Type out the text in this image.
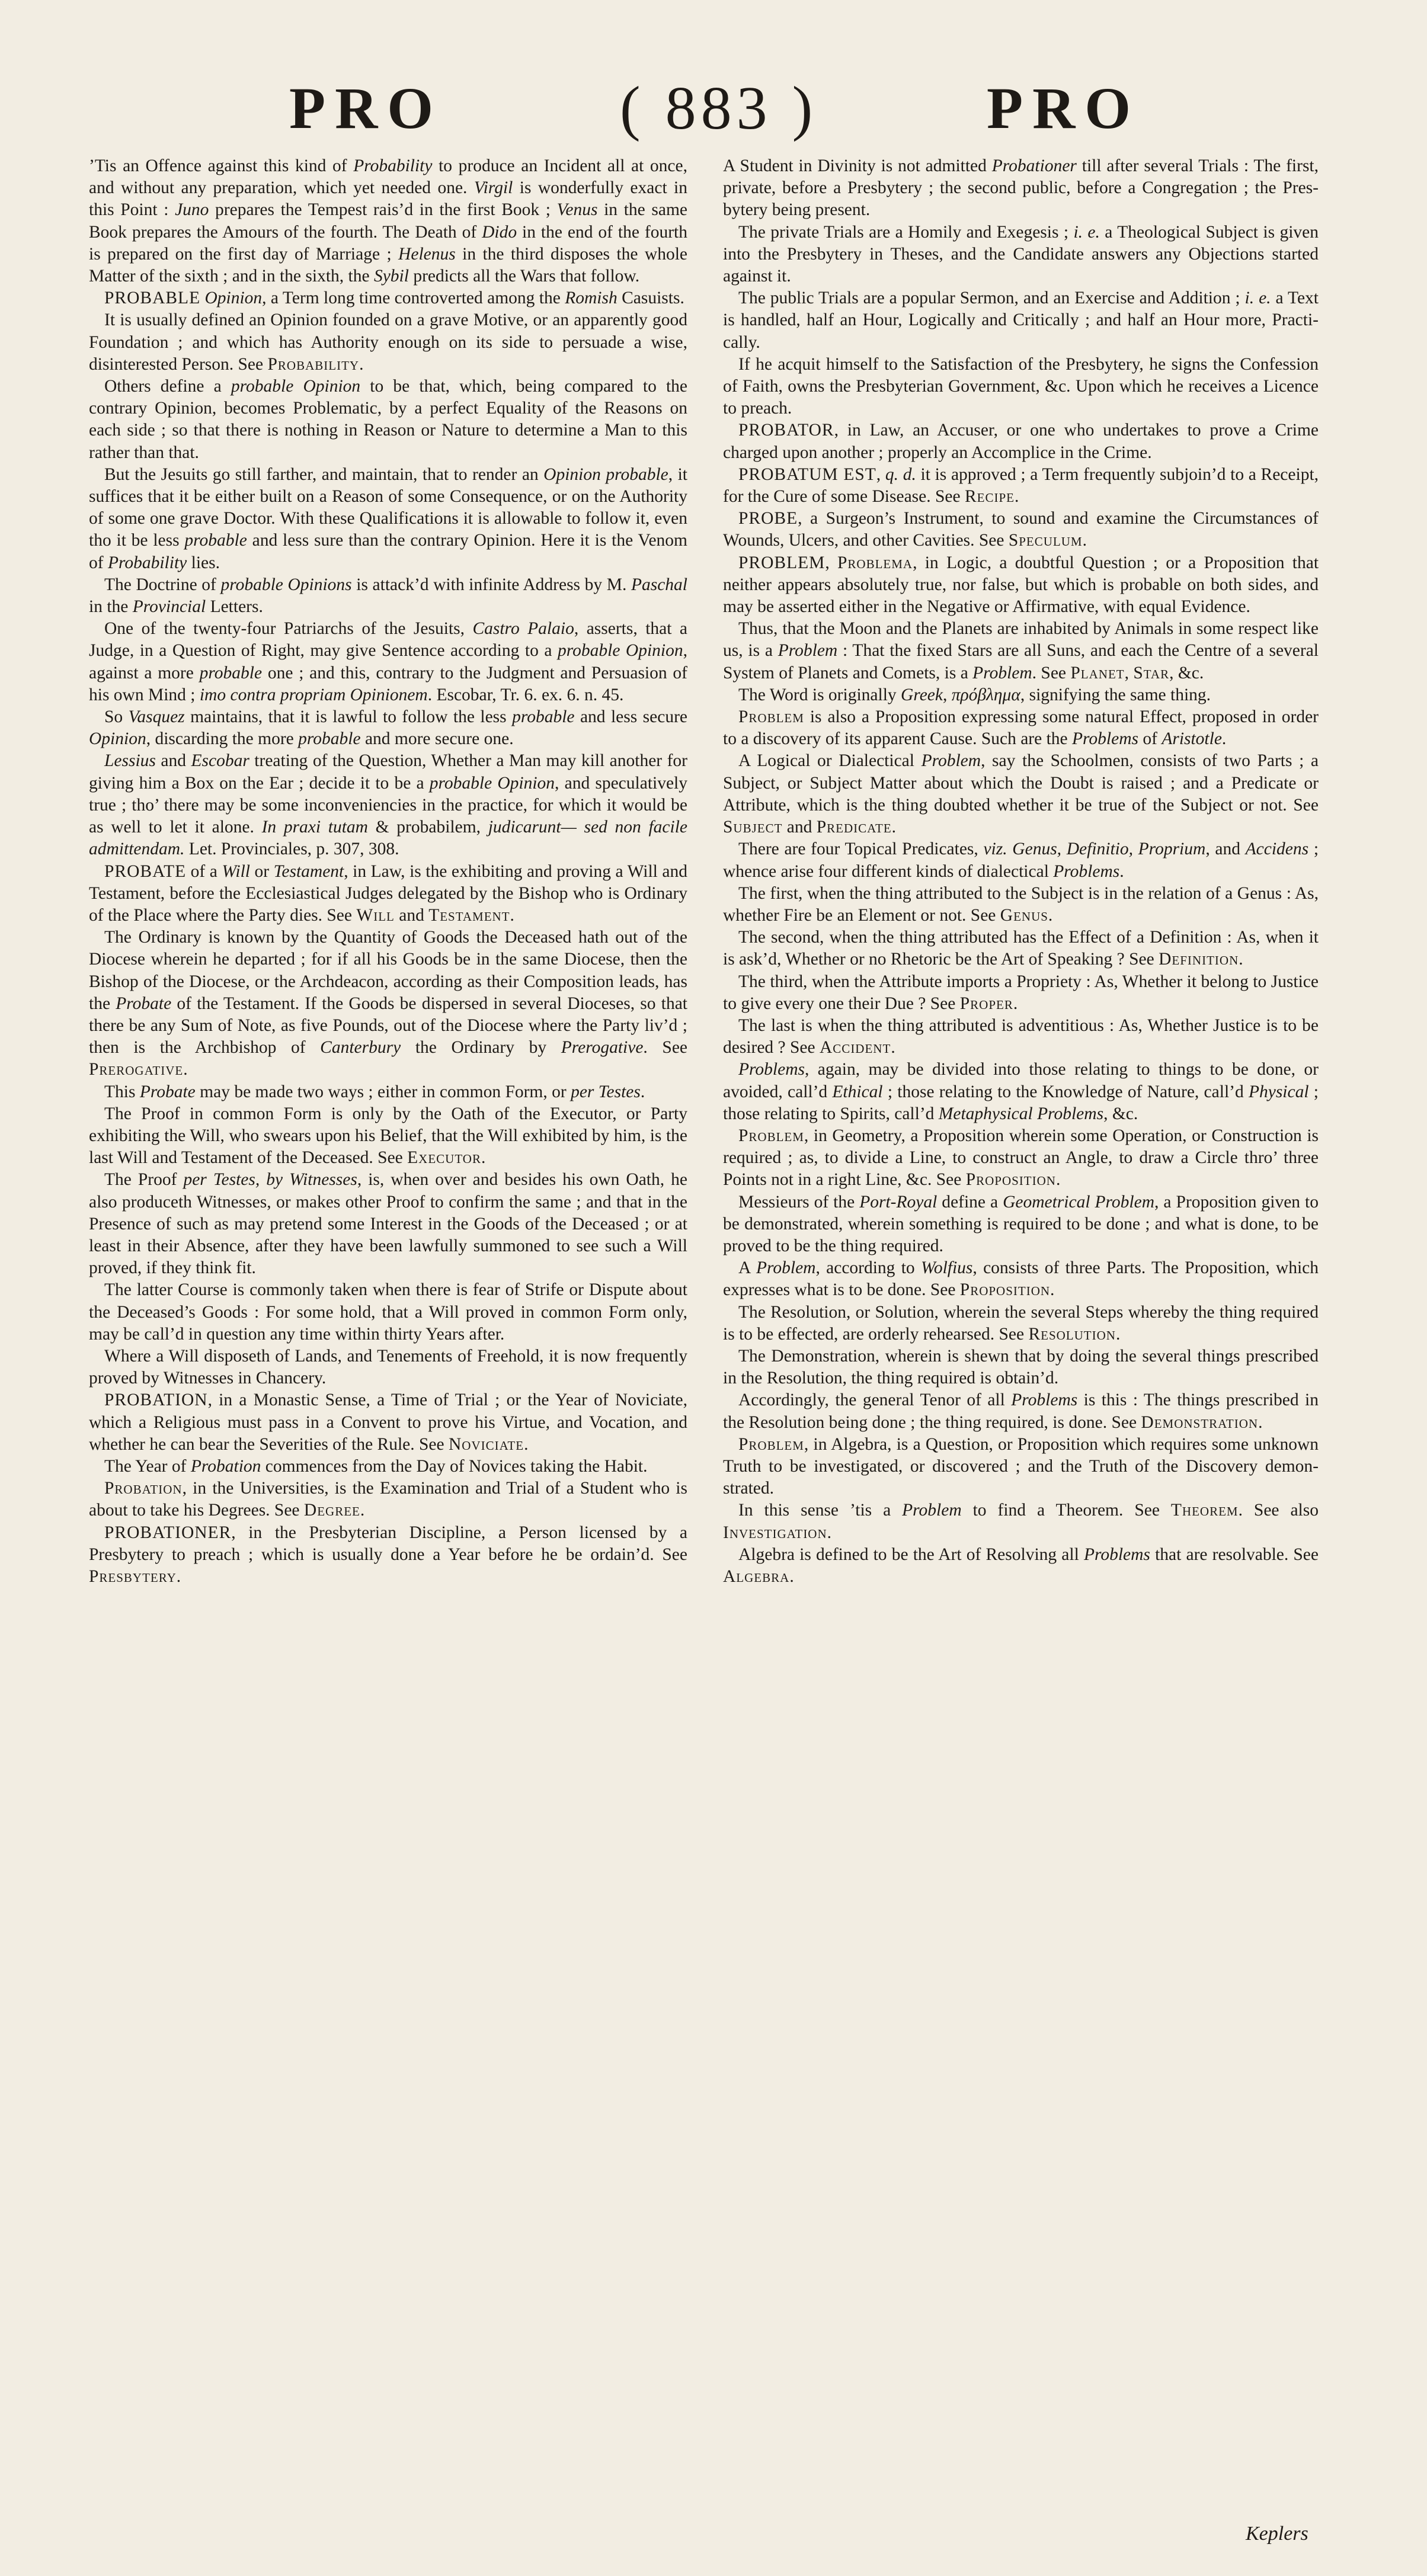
PRO	( 883 )	PRO

’Tis an Offence against this kind of Probability to produce an Incident all at once, and without any preparation, which yet needed one. Virgil is wonderfully exact in this Point : Juno prepares the Tempest rais’d in the first Book ; Venus in the same Book prepares the Amours of the fourth. The Death of Dido in the end of the fourth is prepared on the first day of Marriage ; Helenus in the third disposes the whole Matter of the sixth ; and in the sixth, the Sybil predicts all the Wars that follow.

PROBABLE Opinion, a Term long time controverted among the Romish Casuists.

It is usually defined an Opinion founded on a grave Motive, or an apparently good Foundation ; and which has Authority enough on its side to persuade a wise, disinterested Person. See Probability.

Others define a probable Opinion to be that, which, being compared to the contrary Opinion, becomes Problematic, by a perfect Equality of the Reasons on each side ; so that there is nothing in Reason or Nature to determine a Man to this rather than that.

But the Jesuits go still farther, and maintain, that to render an Opinion probable, it suffices that it be either built on a Reason of some Consequence, or on the Authority of some one grave Doctor. With these Qualifications it is allowable to follow it, even tho it be less probable and less sure than the contrary Opinion. Here it is the Venom of Probability lies.

The Doctrine of probable Opinions is attack’d with infinite Address by M. Paschal in the Provincial Letters.

One of the twenty-four Patriarchs of the Jesuits, Castro Palaio, asserts, that a Judge, in a Question of Right, may give Sentence according to a probable Opinion, against a more probable one ; and this, contrary to the Judgment and Persuasion of his own Mind ; imo contra propriam Opinionem. Escobar, Tr. 6. ex. 6. n. 45.

So Vasquez maintains, that it is lawful to follow the less probable and less secure Opinion, discarding the more probable and more secure one.

Lessius and Escobar treating of the Question, Whether a Man may kill another for giving him a Box on the Ear ; decide it to be a probable Opinion, and speculatively true ; tho’ there may be some inconveniencies in the practice, for which it would be as well to let it alone. In praxi tutam & probabilem, judicarunt— sed non facile admittendam. Let. Provinciales, p. 307, 308.

PROBATE of a Will or Testament, in Law, is the exhibiting and proving a Will and Testament, before the Ecclesiastical Judges delegated by the Bishop who is Ordinary of the Place where the Party dies. See Will and Testament.

The Ordinary is known by the Quantity of Goods the Deceased hath out of the Diocese wherein he departed ; for if all his Goods be in the same Diocese, then the Bishop of the Diocese, or the Archdeacon, according as their Composition leads, has the Probate of the Testament. If the Goods be dispersed in several Dioceses, so that there be any Sum of Note, as five Pounds, out of the Diocese where the Party liv’d ; then is the Archbishop of Canterbury the Ordinary by Prerogative. See Prerogative.

This Probate may be made two ways ; either in common Form, or per Testes.

The Proof in common Form is only by the Oath of the Executor, or Party exhibiting the Will, who swears upon his Belief, that the Will exhibited by him, is the last Will and Testament of the Deceased. See Executor.

The Proof per Testes, by Witnesses, is, when over and besides his own Oath, he also produceth Witnesses, or makes other Proof to confirm the same ; and that in the Presence of such as may pretend some Interest in the Goods of the Deceased ; or at least in their Absence, after they have been lawfully summoned to see such a Will proved, if they think fit.

The latter Course is commonly taken when there is fear of Strife or Dispute about the Deceased’s Goods : For some hold, that a Will proved in common Form only, may be call’d in question any time within thirty Years after.

Where a Will disposeth of Lands, and Tenements of Freehold, it is now frequently proved by Witnesses in Chancery.

PROBATION, in a Monastic Sense, a Time of Trial ; or the Year of Noviciate, which a Religious must pass in a Convent to prove his Virtue, and Vocation, and whether he can bear the Severities of the Rule. See Noviciate.

The Year of Probation commences from the Day of Novices taking the Habit.

Probation, in the Universities, is the Examination and Trial of a Student who is about to take his Degrees. See Degree.

PROBATIONER, in the Presbyterian Discipline, a Person licensed by a Presbytery to preach ; which is usually done a Year before he be ordain’d. See Presbytery.

A Student in Divinity is not admitted Probationer till after several Trials : The first, private, before a Presbytery ; the second public, before a Congregation ; the Presbytery being present.

The private Trials are a Homily and Exegesis ; i. e. a Theological Subject is given into the Presbytery in Theses, and the Candidate answers any Objections started against it.

The public Trials are a popular Sermon, and an Exercise and Addition ; i. e. a Text is handled, half an Hour, Logically and Critically ; and half an Hour more, Practically.

If he acquit himself to the Satisfaction of the Presbytery, he signs the Confession of Faith, owns the Presbyterian Government, &c. Upon which he receives a Licence to preach.

PROBATOR, in Law, an Accuser, or one who undertakes to prove a Crime charged upon another ; properly an Accomplice in the Crime.

PROBATUM EST, q. d. it is approved ; a Term frequently subjoin’d to a Receipt, for the Cure of some Disease. See Recipe.

PROBE, a Surgeon’s Instrument, to sound and examine the Circumstances of Wounds, Ulcers, and other Cavities. See Speculum.

PROBLEM, Problema, in Logic, a doubtful Question ; or a Proposition that neither appears absolutely true, nor false, but which is probable on both sides, and may be asserted either in the Negative or Affirmative, with equal Evidence.

Thus, that the Moon and the Planets are inhabited by Animals in some respect like us, is a Problem : That the fixed Stars are all Suns, and each the Centre of a several System of Planets and Comets, is a Problem. See Planet, Star, &c.

The Word is originally Greek, πρόβλημα, signifying the same thing.

Problem is also a Proposition expressing some natural Effect, proposed in order to a discovery of its apparent Cause. Such are the Problems of Aristotle.

A Logical or Dialectical Problem, say the Schoolmen, consists of two Parts ; a Subject, or Subject Matter about which the Doubt is raised ; and a Predicate or Attribute, which is the thing doubted whether it be true of the Subject or not. See Subject and Predicate.

There are four Topical Predicates, viz. Genus, Definitio, Proprium, and Accidens ; whence arise four different kinds of dialectical Problems.

The first, when the thing attributed to the Subject is in the relation of a Genus : As, whether Fire be an Element or not. See Genus.

The second, when the thing attributed has the Effect of a Definition : As, when it is ask’d, Whether or no Rhetoric be the Art of Speaking ? See Definition.

The third, when the Attribute imports a Propriety : As, Whether it belong to Justice to give every one their Due ? See Proper.

The last is when the thing attributed is adventitious : As, Whether Justice is to be desired ? See Accident.

Problems, again, may be divided into those relating to things to be done, or avoided, call’d Ethical ; those relating to the Knowledge of Nature, call’d Physical ; those relating to Spirits, call’d Metaphysical Problems, &c.

Problem, in Geometry, a Proposition wherein some Operation, or Construction is required ; as, to divide a Line, to construct an Angle, to draw a Circle thro’ three Points not in a right Line, &c. See Proposition.

Messieurs of the Port-Royal define a Geometrical Problem, a Proposition given to be demonstrated, wherein something is required to be done ; and what is done, to be proved to be the thing required.

A Problem, according to Wolfius, consists of three Parts. The Proposition, which expresses what is to be done. See Proposition.

The Resolution, or Solution, wherein the several Steps whereby the thing required is to be effected, are orderly rehearsed. See Resolution.

The Demonstration, wherein is shewn that by doing the several things prescribed in the Resolution, the thing required is obtain’d.

Accordingly, the general Tenor of all Problems is this : The things prescribed in the Resolution being done ; the thing required, is done. See Demonstration.

Problem, in Algebra, is a Question, or Proposition which requires some unknown Truth to be investigated, or discovered ; and the Truth of the Discovery demonstrated.

In this sense ’tis a Problem to find a Theorem. See Theorem. See also Investigation.

Algebra is defined to be the Art of Resolving all Problems that are resolvable. See Algebra.

Keplers
